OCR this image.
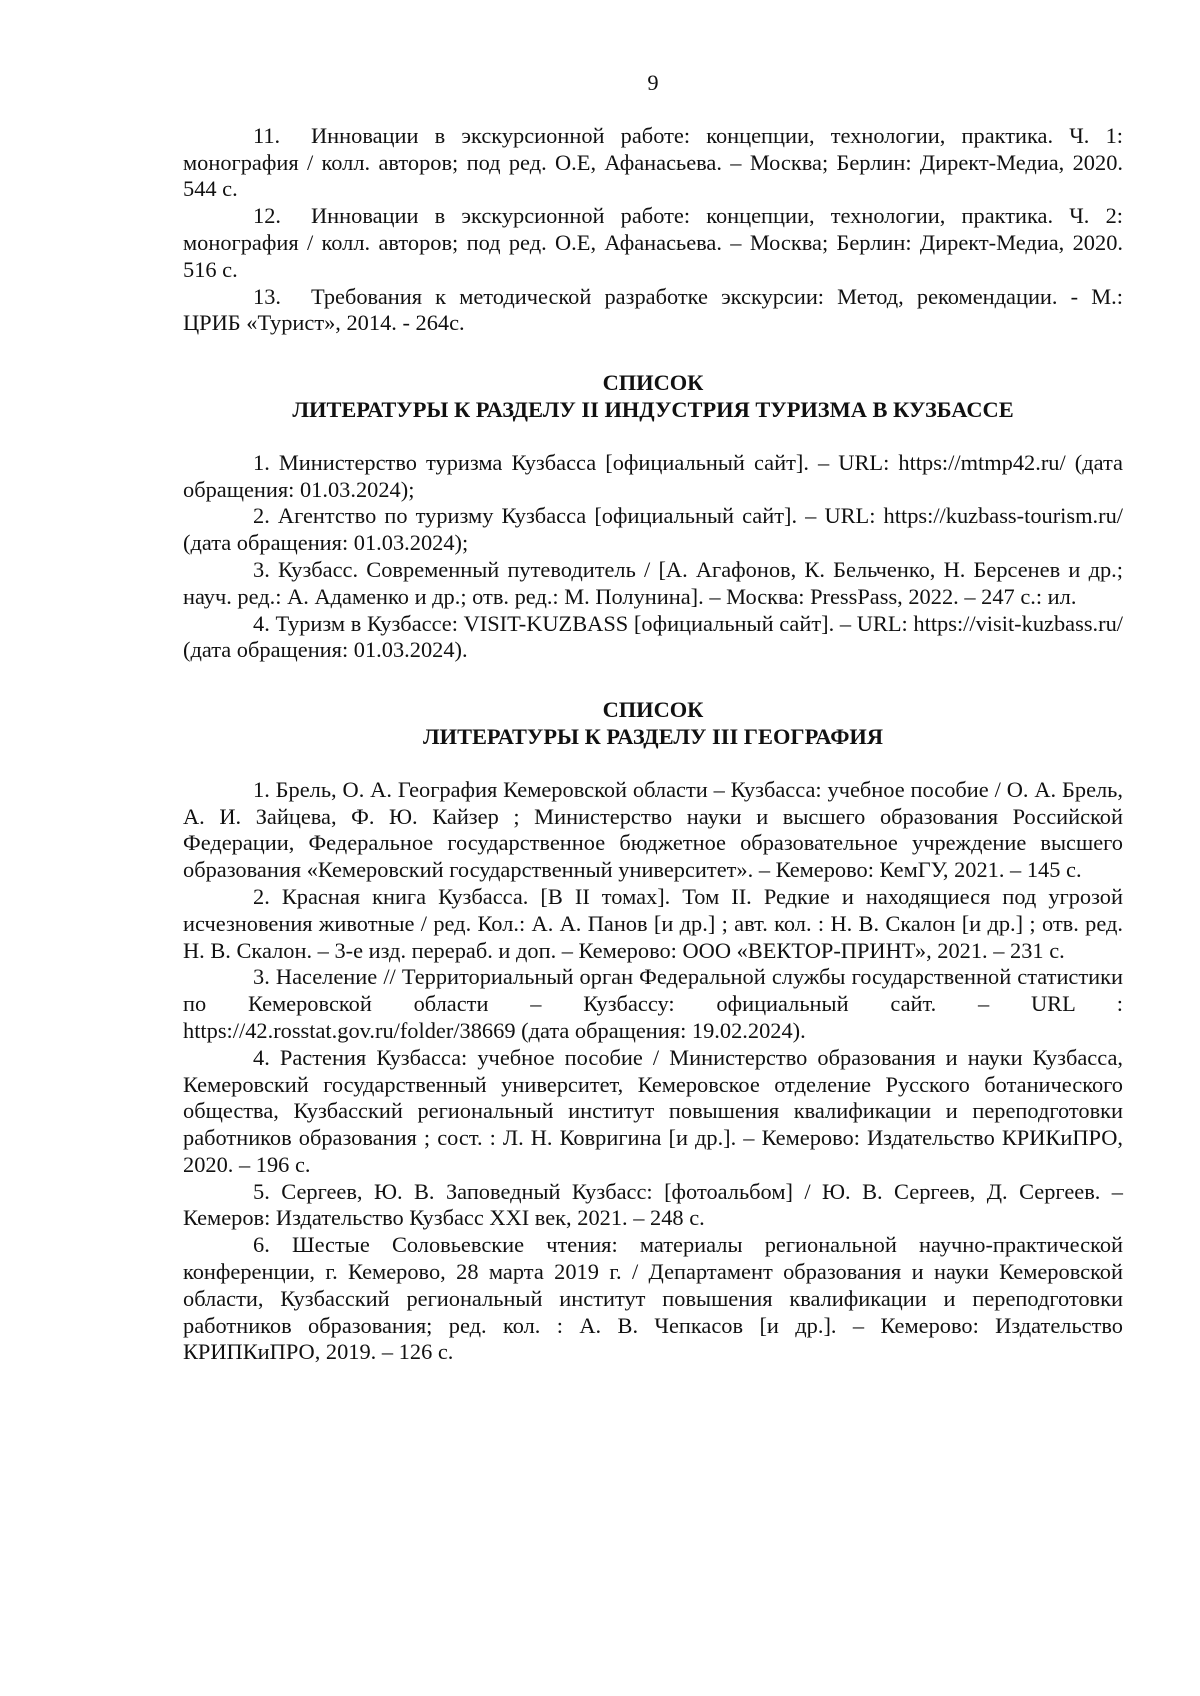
9

11. Инновации в экскурсионной работе: концепции, технологии, практика. Ч. 1: монография / колл. авторов; под ред. О.Е, Афанасьева. – Москва; Берлин: Директ-Медиа, 2020. 544 с.

12. Инновации в экскурсионной работе: концепции, технологии, практика. Ч. 2: монография / колл. авторов; под ред. О.Е, Афанасьева. – Москва; Берлин: Директ-Медиа, 2020. 516 с.

13. Требования к методической разработке экскурсии: Метод, рекомендации. - М.: ЦРИБ «Турист», 2014. - 264с.

СПИСОК

ЛИТЕРАТУРЫ К РАЗДЕЛУ II ИНДУСТРИЯ ТУРИЗМА В КУЗБАССЕ

1. Министерство туризма Кузбасса [официальный сайт]. – URL: https://mtmp42.ru/ (дата обращения: 01.03.2024);

2. Агентство по туризму Кузбасса [официальный сайт]. – URL: https://kuzbass-tourism.ru/ (дата обращения: 01.03.2024);

3. Кузбасс. Современный путеводитель / [А. Агафонов, К. Бельченко, Н. Берсенев и др.; науч. ред.: А. Адаменко и др.; отв. ред.: М. Полунина]. – Москва: PressPass, 2022. – 247 с.: ил.

4. Туризм в Кузбассе: VISIT-KUZBASS [официальный сайт]. – URL: https://visit-kuzbass.ru/ (дата обращения: 01.03.2024).

СПИСОК

ЛИТЕРАТУРЫ К РАЗДЕЛУ III ГЕОГРАФИЯ

1. Брель, О. А. География Кемеровской области – Кузбасса: учебное пособие / О. А. Брель, А. И. Зайцева, Ф. Ю. Кайзер ; Министерство науки и высшего образования Российской Федерации, Федеральное государственное бюджетное образовательное учреждение высшего образования «Кемеровский государственный университет». – Кемерово: КемГУ, 2021. – 145 с.

2. Красная книга Кузбасса. [В II томах]. Том II. Редкие и находящиеся под угрозой исчезновения животные / ред. Кол.: А. А. Панов [и др.] ; авт. кол. : Н. В. Скалон [и др.] ; отв. ред. Н. В. Скалон. – 3-е изд. перераб. и доп. – Кемерово: ООО «ВЕКТОР-ПРИНТ», 2021. – 231 с.

3. Население // Территориальный орган Федеральной службы государственной статистики по Кемеровской области – Кузбассу: официальный сайт. – URL : https://42.rosstat.gov.ru/folder/38669 (дата обращения: 19.02.2024).

4. Растения Кузбасса: учебное пособие / Министерство образования и науки Кузбасса, Кемеровский государственный университет, Кемеровское отделение Русского ботанического общества, Кузбасский региональный институт повышения квалификации и переподготовки работников образования ; сост. : Л. Н. Ковригина [и др.]. – Кемерово: Издательство КРИКиПРО, 2020. – 196 с.

5. Сергеев, Ю. В. Заповедный Кузбасс: [фотоальбом] / Ю. В. Сергеев, Д. Сергеев. – Кемеров: Издательство Кузбасс XXI век, 2021. – 248 с.

6. Шестые Соловьевские чтения: материалы региональной научно-практической конференции, г. Кемерово, 28 марта 2019 г. / Департамент образования и науки Кемеровской области, Кузбасский региональный институт повышения квалификации и переподготовки работников образования; ред. кол. : А. В. Чепкасов [и др.]. – Кемерово: Издательство КРИПКиПРО, 2019. – 126 с.
